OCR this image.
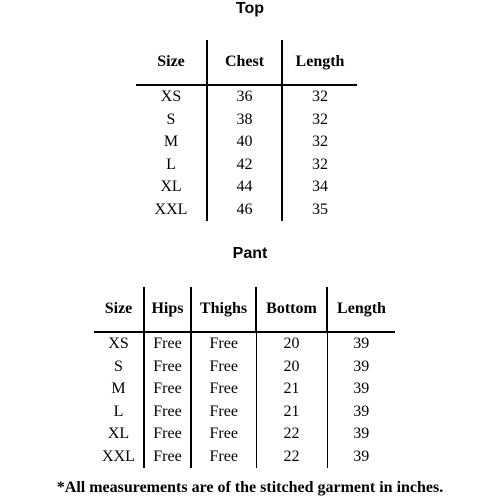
Top
Size	Chest	Length
XS	36	32
S	38	32
M	40	32
L	42	32
XL	44	34
XXL	46	35
Pant
Size	Hips	Thighs	Bottom	Length
XS	Free	Free	20	39
S	Free	Free	20	39
M	Free	Free	21	39
L	Free	Free	21	39
XL	Free	Free	22	39
XXL	Free	Free	22	39
*All measurements are of the stitched garment in inches.
